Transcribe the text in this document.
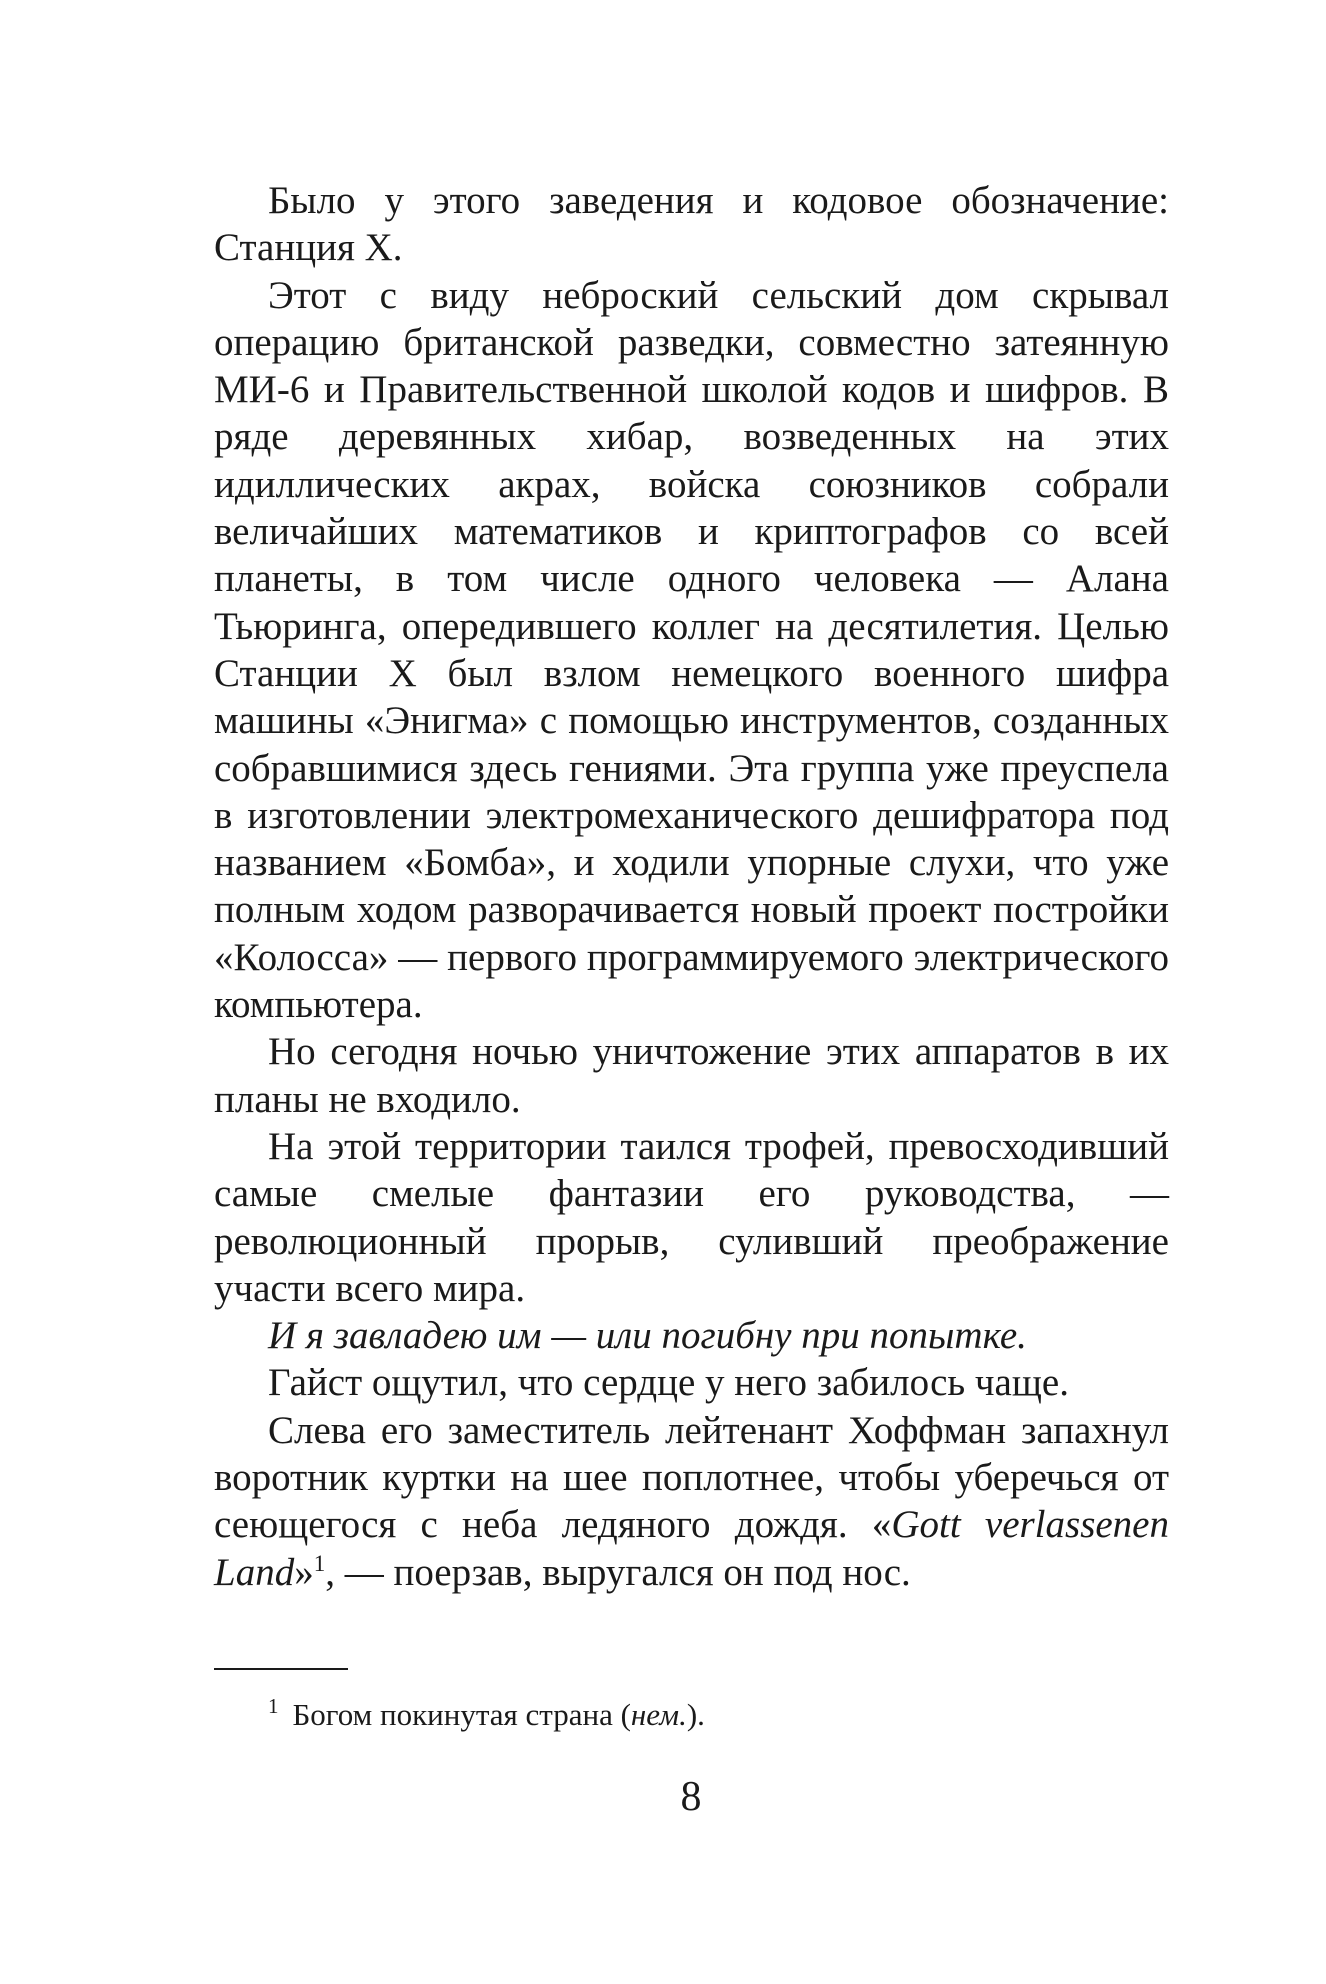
Было у этого заведения и кодовое обозначение: Станция X.

Этот с виду неброский сельский дом скрывал операцию британской разведки, совместно затеянную МИ-6 и Правительственной школой кодов и шифров. В ряде деревянных хибар, возведенных на этих идиллических акрах, войска союзников собрали величайших математиков и криптографов со всей планеты, в том числе одного человека — Алана Тьюринга, опередившего коллег на десятилетия. Целью Станции X был взлом немецкого военного шифра машины «Энигма» с помощью инструментов, созданных собравшимися здесь гениями. Эта группа уже преуспела в изготовлении электромеханического дешифратора под названием «Бомба», и ходили упорные слухи, что уже полным ходом разворачивается новый проект постройки «Колосса» — первого программируемого электрического компьютера.

Но сегодня ночью уничтожение этих аппаратов в их планы не входило.

На этой территории таился трофей, превосходивший самые смелые фантазии его руководства, — революционный прорыв, суливший преображение участи всего мира.

И я завладею им — или погибну при попытке.

Гайст ощутил, что сердце у него забилось чаще.

Слева его заместитель лейтенант Хоффман запахнул воротник куртки на шее поплотнее, чтобы уберечься от сеющегося с неба ледяного дождя. «Gott verlassenen Land»$^1$, — поерзав, выругался он под нос.

$^1$ Богом покинутая страна (нем.).
8
